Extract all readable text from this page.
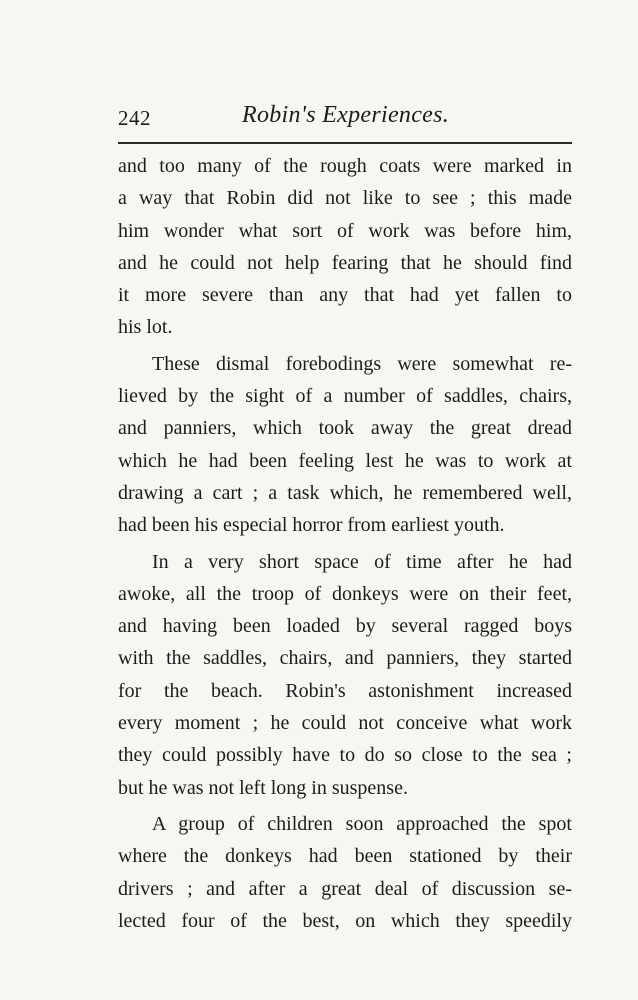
242	Robin's Experiences.
and too many of the rough coats were marked in
a way that Robin did not like to see ; this made
him wonder what sort of work was before him,
and he could not help fearing that he should find
it more severe than any that had yet fallen to
his lot.
These dismal forebodings were somewhat re-
lieved by the sight of a number of saddles, chairs,
and panniers, which took away the great dread
which he had been feeling lest he was to work at
drawing a cart ; a task which, he remembered well,
had been his especial horror from earliest youth.
In a very short space of time after he had
awoke, all the troop of donkeys were on their feet,
and having been loaded by several ragged boys
with the saddles, chairs, and panniers, they started
for the beach. Robin's astonishment increased
every moment ; he could not conceive what work
they could possibly have to do so close to the sea ;
but he was not left long in suspense.
A group of children soon approached the spot
where the donkeys had been stationed by their
drivers ; and after a great deal of discussion se-
lected four of the best, on which they speedily
